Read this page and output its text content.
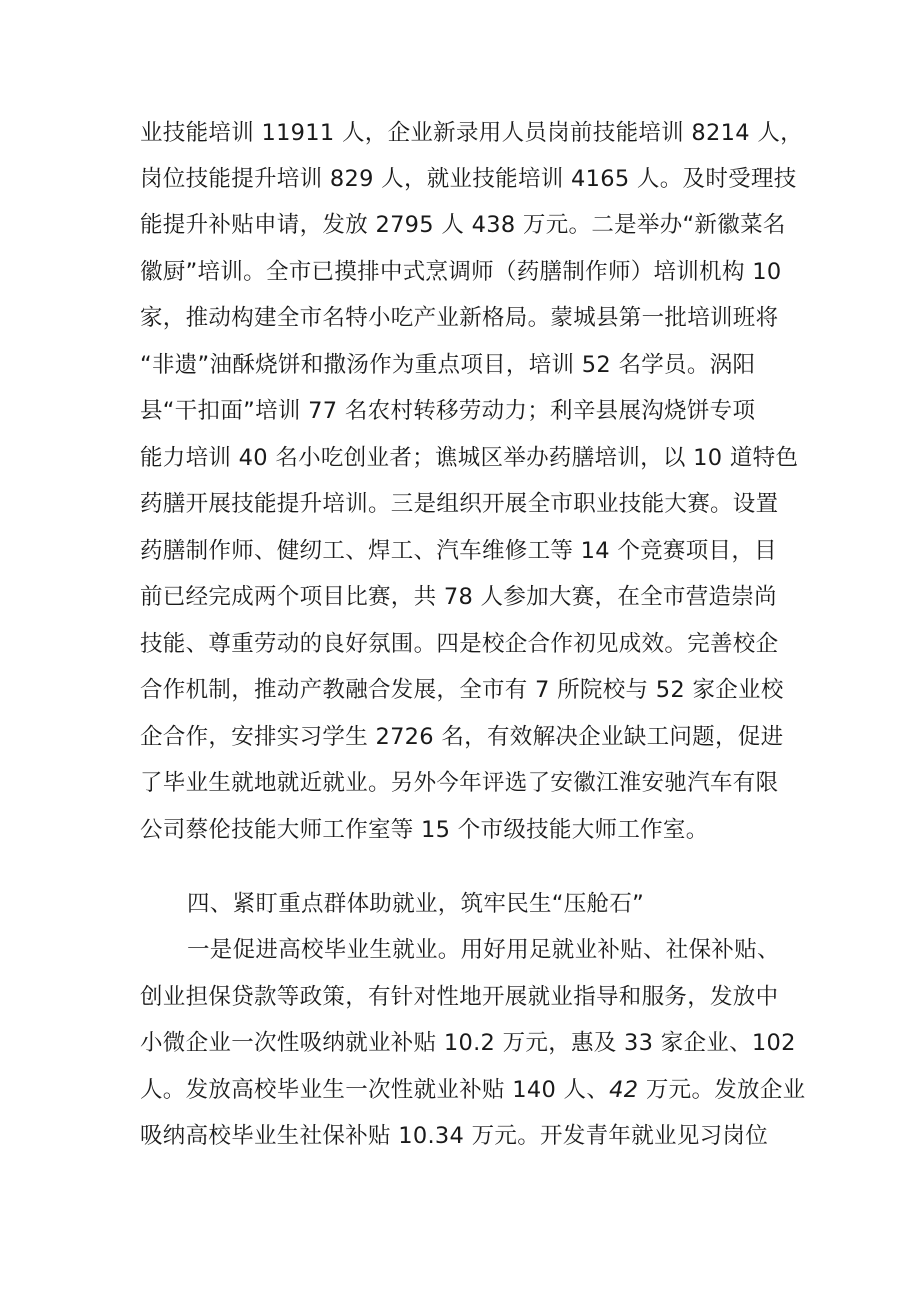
业技能培训 11911 人，企业新录用人员岗前技能培训 8214 人，
岗位技能提升培训 829 人，就业技能培训 4165 人。及时受理技
能提升补贴申请，发放 2795 人 438 万元。二是举办“新徽菜名
徽厨”培训。全市已摸排中式烹调师（药膳制作师）培训机构 10
家，推动构建全市名特小吃产业新格局。蒙城县第一批培训班将
“非遗”油酥烧饼和撒汤作为重点项目，培训 52 名学员。涡阳
县“干扣面”培训 77 名农村转移劳动力；利辛县展沟烧饼专项
能力培训 40 名小吃创业者；谯城区举办药膳培训，以 10 道特色
药膳开展技能提升培训。三是组织开展全市职业技能大赛。设置
药膳制作师、健纫工、焊工、汽车维修工等 14 个竞赛项目，目
前已经完成两个项目比赛，共 78 人参加大赛，在全市营造崇尚
技能、尊重劳动的良好氛围。四是校企合作初见成效。完善校企
合作机制，推动产教融合发展，全市有 7 所院校与 52 家企业校
企合作，安排实习学生 2726 名，有效解决企业缺工问题，促进
了毕业生就地就近就业。另外今年评选了安徽江淮安驰汽车有限
公司蔡伦技能大师工作室等 15 个市级技能大师工作室。
四、紧盯重点群体助就业，筑牢民生“压舱石”
一是促进高校毕业生就业。用好用足就业补贴、社保补贴、
创业担保贷款等政策，有针对性地开展就业指导和服务，发放中
小微企业一次性吸纳就业补贴 10.2 万元，惠及 33 家企业、102
人。发放高校毕业生一次性就业补贴 140 人、42 万元。发放企业
吸纳高校毕业生社保补贴 10.34 万元。开发青年就业见习岗位
